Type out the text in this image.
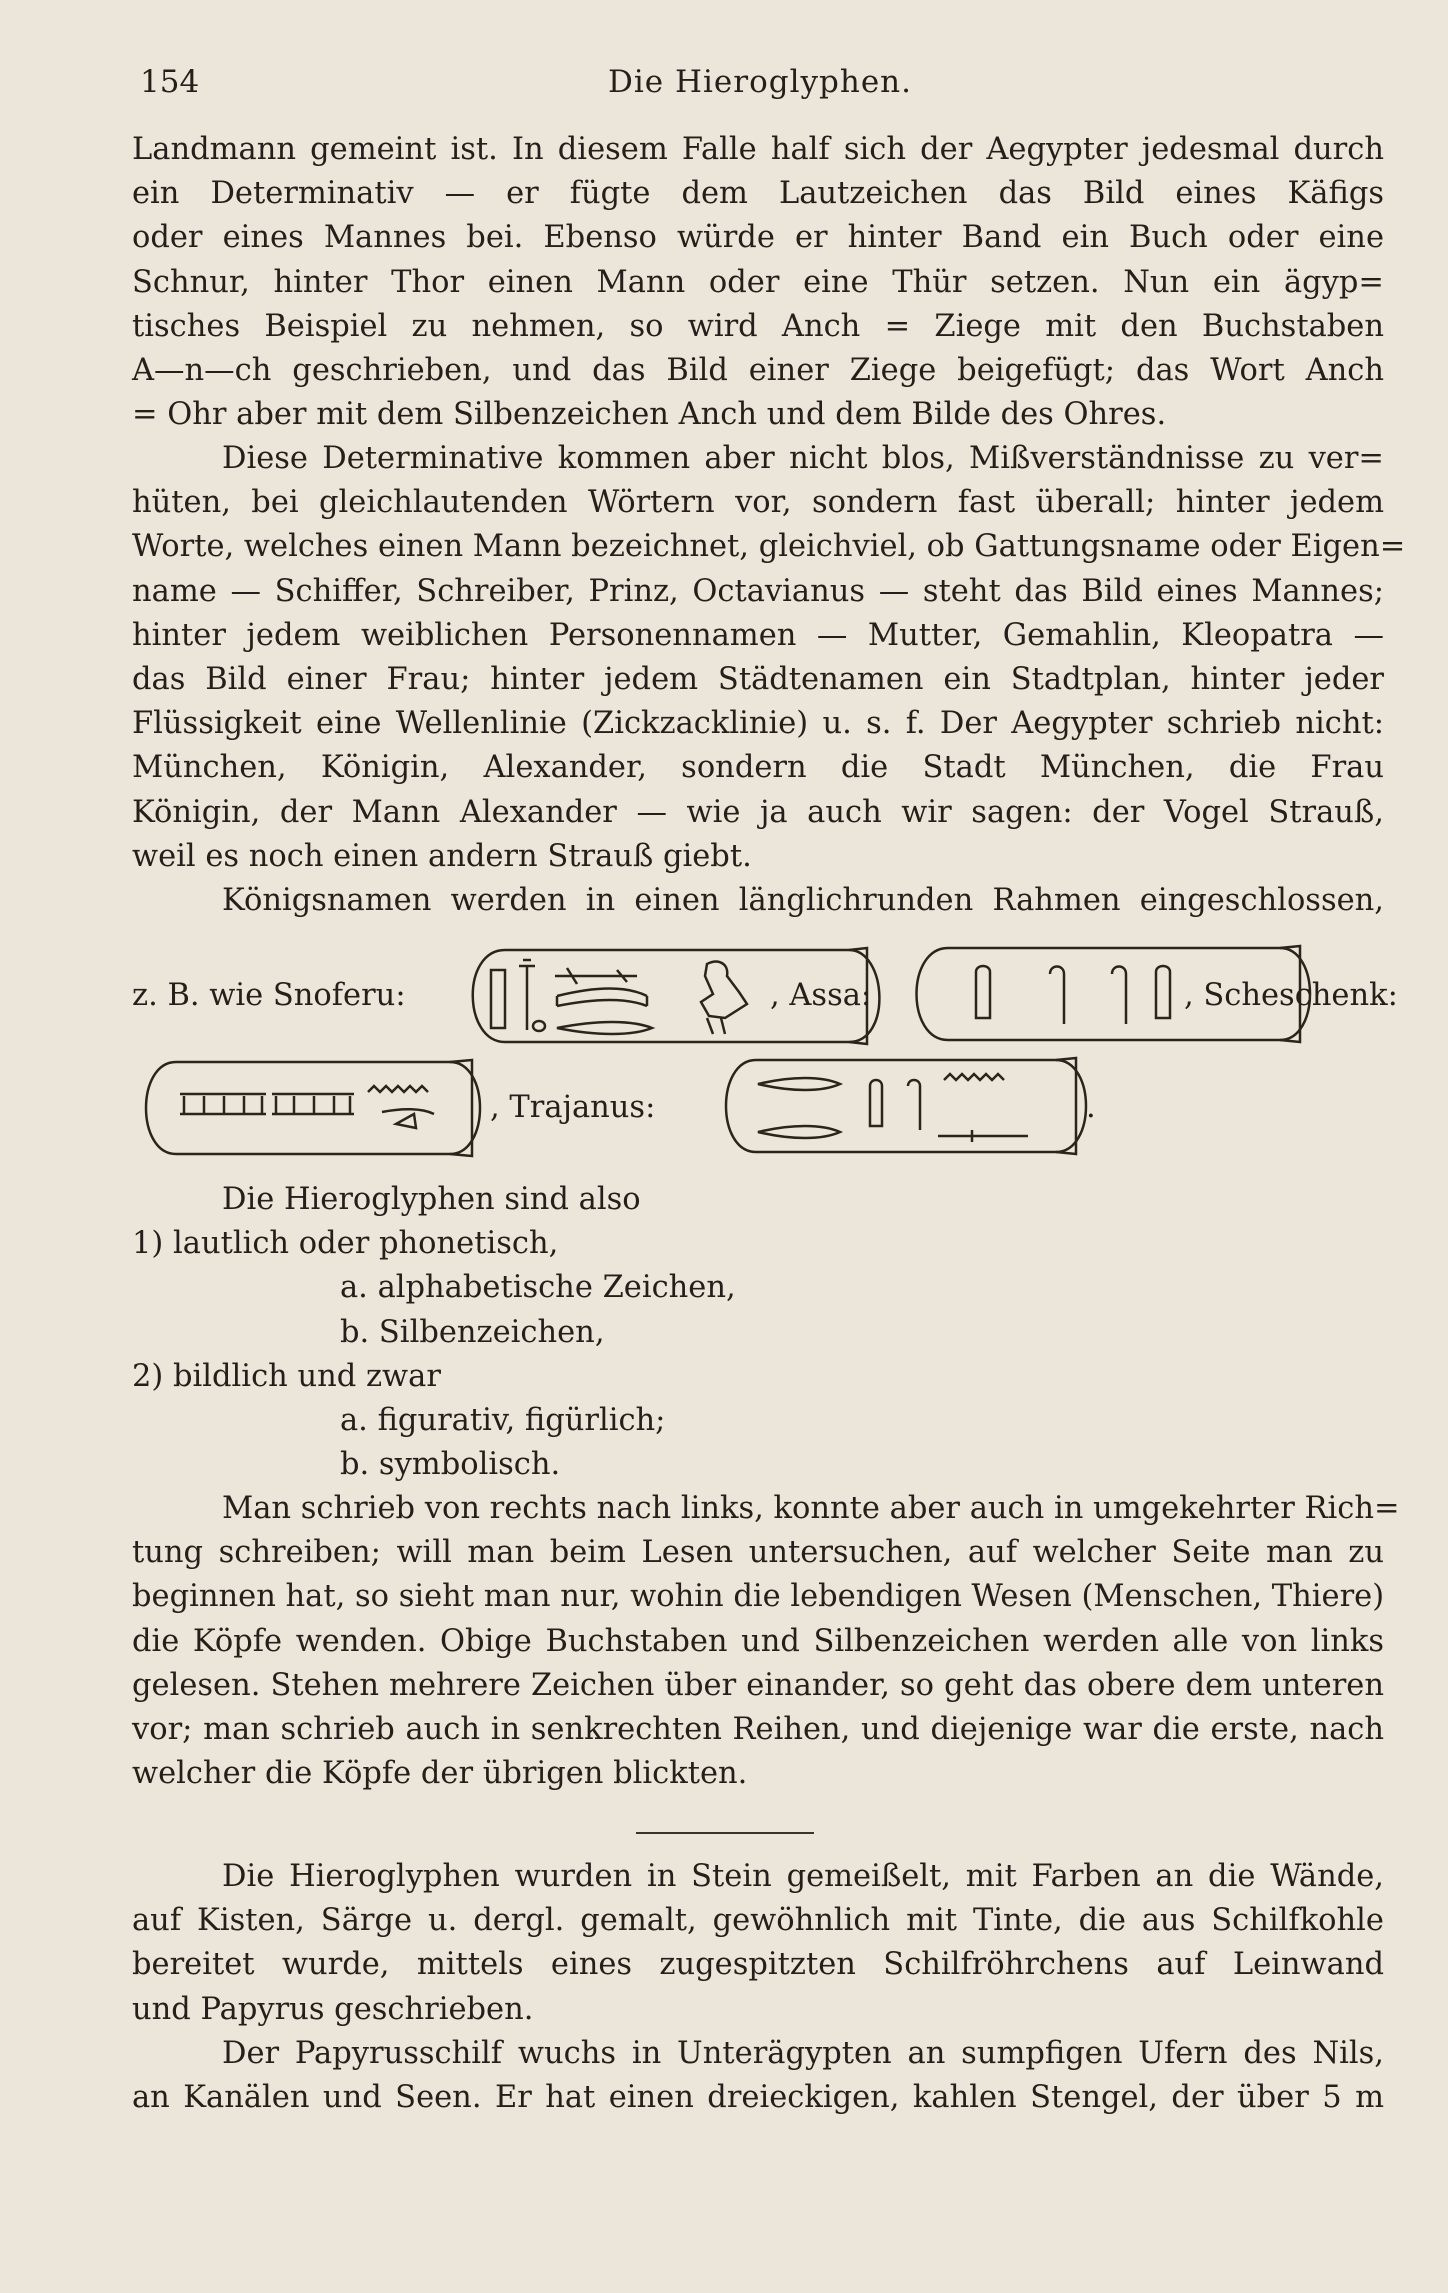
154	Die Hieroglyphen.

Landmann gemeint ist. In diesem Falle half sich der Aegypter jedesmal durch

ein Determinativ — er fügte dem Lautzeichen das Bild eines Käfigs

oder eines Mannes bei. Ebenso würde er hinter Band ein Buch oder eine

Schnur, hinter Thor einen Mann oder eine Thür setzen. Nun ein ägyp=

tisches Beispiel zu nehmen, so wird Anch = Ziege mit den Buchstaben

A—n—ch geschrieben, und das Bild einer Ziege beigefügt; das Wort Anch

= Ohr aber mit dem Silbenzeichen Anch und dem Bilde des Ohres.

Diese Determinative kommen aber nicht blos, Mißverständnisse zu ver=

hüten, bei gleichlautenden Wörtern vor, sondern fast überall; hinter jedem

Worte, welches einen Mann bezeichnet, gleichviel, ob Gattungsname oder Eigen=

name — Schiffer, Schreiber, Prinz, Octavianus — steht das Bild eines Mannes;

hinter jedem weiblichen Personennamen — Mutter, Gemahlin, Kleopatra —

das Bild einer Frau; hinter jedem Städtenamen ein Stadtplan, hinter jeder

Flüssigkeit eine Wellenlinie (Zickzacklinie) u. s. f. Der Aegypter schrieb nicht:

München, Königin, Alexander, sondern die Stadt München, die Frau

Königin, der Mann Alexander — wie ja auch wir sagen: der Vogel Strauß,

weil es noch einen andern Strauß giebt.

Königsnamen werden in einen länglichrunden Rahmen eingeschlossen,

z. B. wie Snoferu:	, Assa:	, Scheschenk:
, Trajanus:	.
Die Hieroglyphen sind also
1) lautlich oder phonetisch,
a. alphabetische Zeichen,
b. Silbenzeichen,
2) bildlich und zwar
a. figurativ, figürlich;
b. symbolisch.

Man schrieb von rechts nach links, konnte aber auch in umgekehrter Rich=

tung schreiben; will man beim Lesen untersuchen, auf welcher Seite man zu

beginnen hat, so sieht man nur, wohin die lebendigen Wesen (Menschen, Thiere)

die Köpfe wenden. Obige Buchstaben und Silbenzeichen werden alle von links

gelesen. Stehen mehrere Zeichen über einander, so geht das obere dem unteren

vor; man schrieb auch in senkrechten Reihen, und diejenige war die erste, nach

welcher die Köpfe der übrigen blickten.

Die Hieroglyphen wurden in Stein gemeißelt, mit Farben an die Wände,

auf Kisten, Särge u. dergl. gemalt, gewöhnlich mit Tinte, die aus Schilfkohle

bereitet wurde, mittels eines zugespitzten Schilfröhrchens auf Leinwand

und Papyrus geschrieben.

Der Papyrusschilf wuchs in Unterägypten an sumpfigen Ufern des Nils,

an Kanälen und Seen. Er hat einen dreieckigen, kahlen Stengel, der über 5 m
